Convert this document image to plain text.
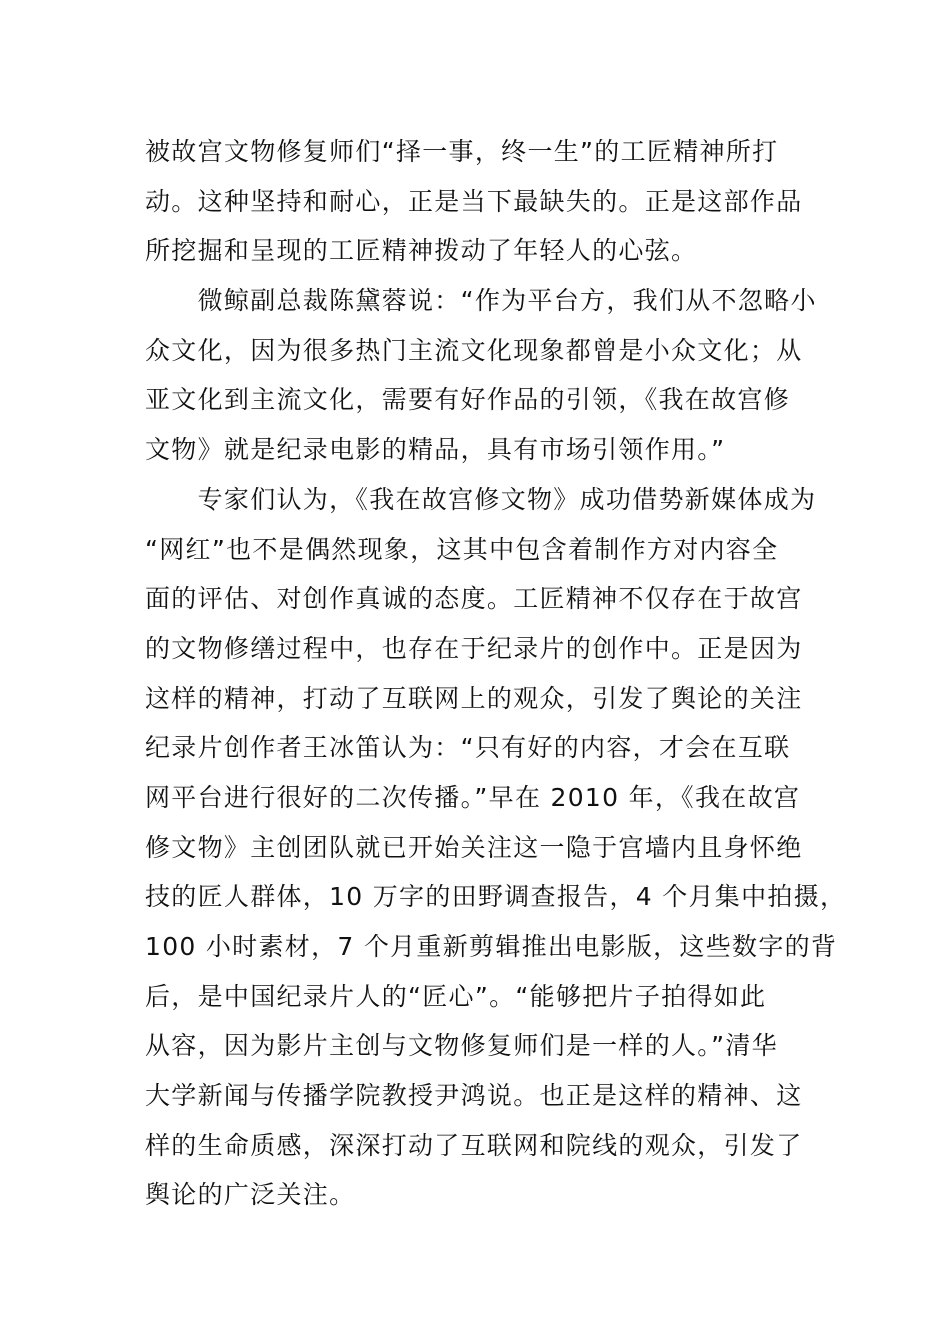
被故宫文物修复师们“择一事，终一生”的工匠精神所打
动。这种坚持和耐心，正是当下最缺失的。正是这部作品
所挖掘和呈现的工匠精神拨动了年轻人的心弦。
　　微鲸副总裁陈黛蓉说：“作为平台方，我们从不忽略小
众文化，因为很多热门主流文化现象都曾是小众文化；从
亚文化到主流文化，需要有好作品的引领，《我在故宫修
文物》就是纪录电影的精品，具有市场引领作用。”
　　专家们认为，《我在故宫修文物》成功借势新媒体成为
“网红”也不是偶然现象，这其中包含着制作方对内容全
面的评估、对创作真诚的态度。工匠精神不仅存在于故宫
的文物修缮过程中，也存在于纪录片的创作中。正是因为
这样的精神，打动了互联网上的观众，引发了舆论的关注
纪录片创作者王冰笛认为：“只有好的内容，才会在互联
网平台进行很好的二次传播。”早在 2010 年，《我在故宫
修文物》主创团队就已开始关注这一隐于宫墙内且身怀绝
技的匠人群体，10 万字的田野调查报告，4 个月集中拍摄，
100 小时素材，7 个月重新剪辑推出电影版，这些数字的背
后，是中国纪录片人的“匠心”。“能够把片子拍得如此
从容，因为影片主创与文物修复师们是一样的人。”清华
大学新闻与传播学院教授尹鸿说。也正是这样的精神、这
样的生命质感，深深打动了互联网和院线的观众，引发了
舆论的广泛关注。
